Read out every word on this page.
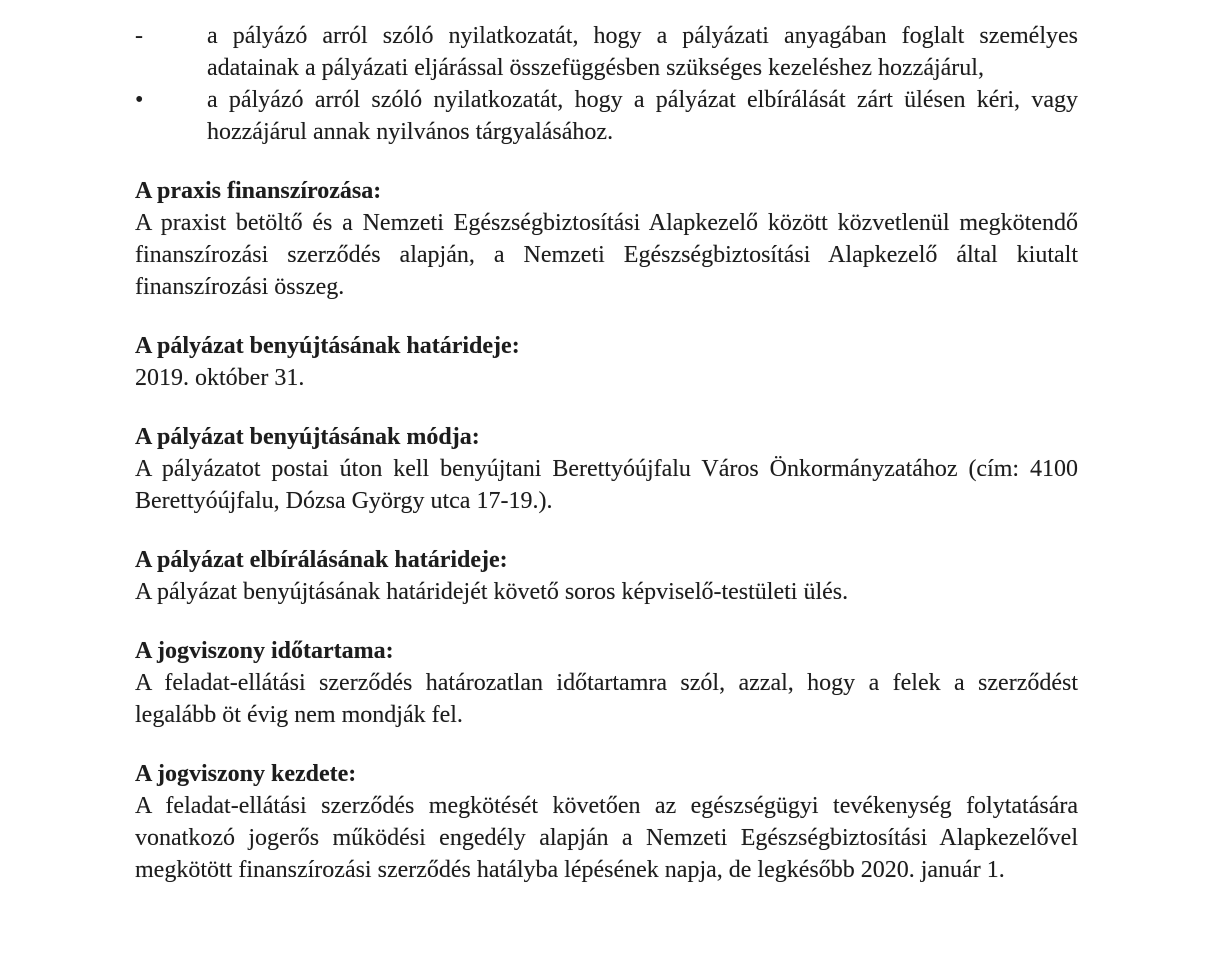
-	a pályázó arról szóló nyilatkozatát, hogy a pályázati anyagában foglalt személyes adatainak a pályázati eljárással összefüggésben szükséges kezeléshez hozzájárul,
•	a pályázó arról szóló nyilatkozatát, hogy a pályázat elbírálását zárt ülésen kéri, vagy hozzájárul annak nyilvános tárgyalásához.
A praxis finanszírozása:
A praxist betöltő és a Nemzeti Egészségbiztosítási Alapkezelő között közvetlenül megkötendő finanszírozási szerződés alapján, a Nemzeti Egészségbiztosítási Alapkezelő által kiutalt finanszírozási összeg.
A pályázat benyújtásának határideje:
2019. október 31.
A pályázat benyújtásának módja:
A pályázatot postai úton kell benyújtani Berettyóújfalu Város Önkormányzatához (cím: 4100 Berettyóújfalu, Dózsa György utca 17-19.).
A pályázat elbírálásának határideje:
A pályázat benyújtásának határidejét követő soros képviselő-testületi ülés.
A jogviszony időtartama:
A feladat-ellátási szerződés határozatlan időtartamra szól, azzal, hogy a felek a szerződést legalább öt évig nem mondják fel.
A jogviszony kezdete:
A feladat-ellátási szerződés megkötését követően az egészségügyi tevékenység folytatására vonatkozó jogerős működési engedély alapján a Nemzeti Egészségbiztosítási Alapkezelővel megkötött finanszírozási szerződés hatályba lépésének napja, de legkésőbb 2020. január 1.
